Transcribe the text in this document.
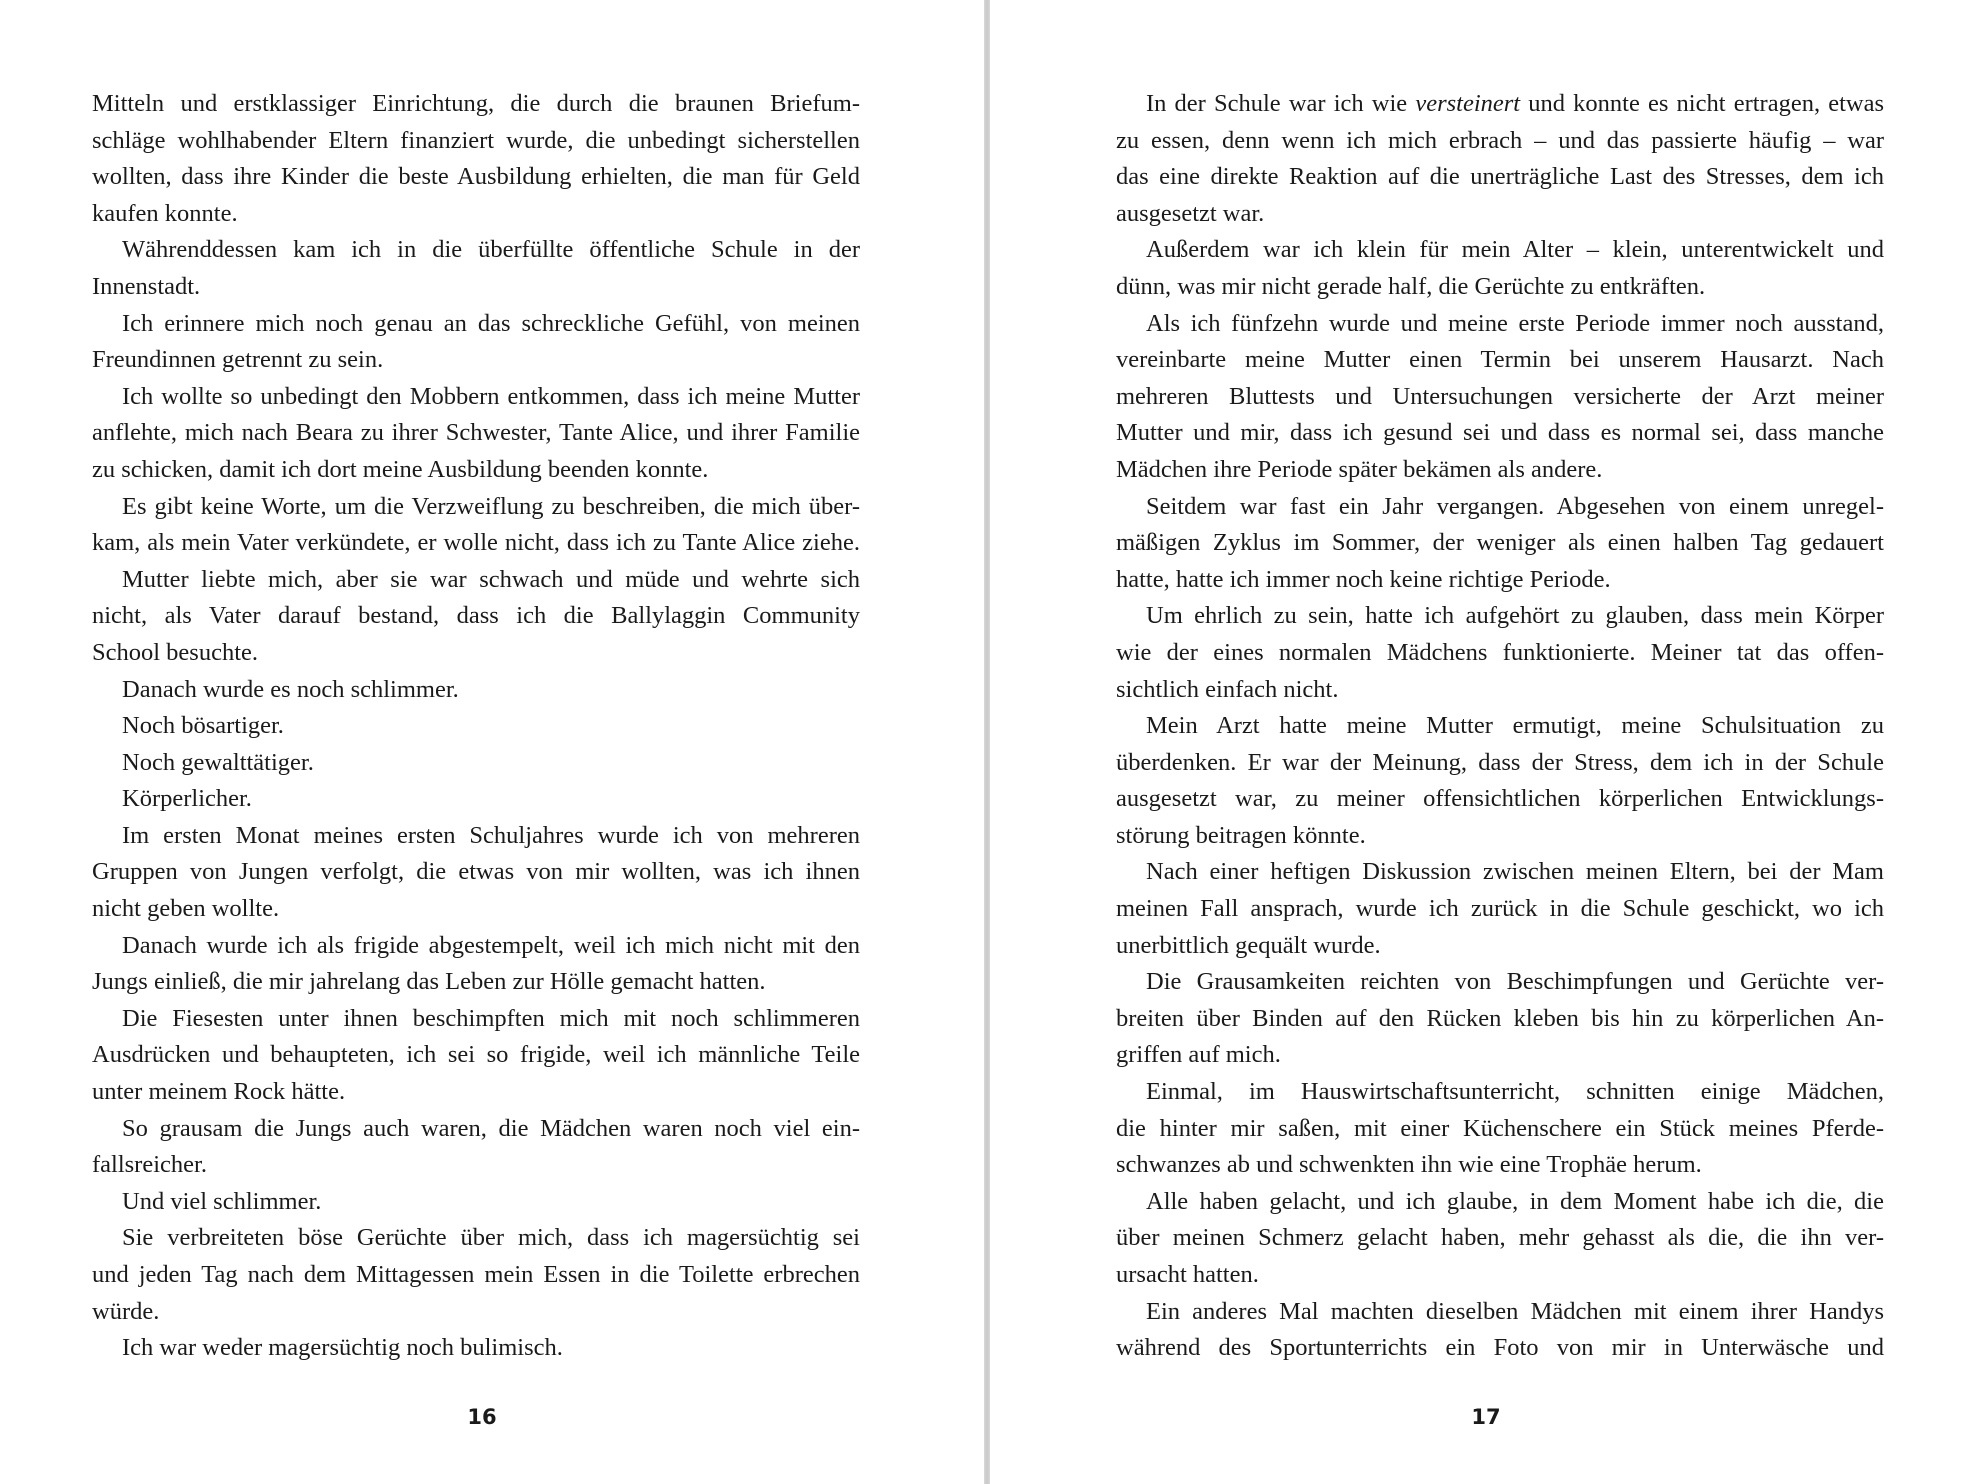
Mitteln und erstklassiger Einrichtung, die durch die braunen Briefum-
schläge wohlhabender Eltern finanziert wurde, die unbedingt sicherstellen
wollten, dass ihre Kinder die beste Ausbildung erhielten, die man für Geld
kaufen konnte.
Währenddessen kam ich in die überfüllte öffentliche Schule in der
Innenstadt.
Ich erinnere mich noch genau an das schreckliche Gefühl, von meinen
Freundinnen getrennt zu sein.
Ich wollte so unbedingt den Mobbern entkommen, dass ich meine Mutter
anflehte, mich nach Beara zu ihrer Schwester, Tante Alice, und ihrer Familie
zu schicken, damit ich dort meine Ausbildung beenden konnte.
Es gibt keine Worte, um die Verzweiflung zu beschreiben, die mich über-
kam, als mein Vater verkündete, er wolle nicht, dass ich zu Tante Alice ziehe.
Mutter liebte mich, aber sie war schwach und müde und wehrte sich
nicht, als Vater darauf bestand, dass ich die Ballylaggin Community
School besuchte.
Danach wurde es noch schlimmer.
Noch bösartiger.
Noch gewalttätiger.
Körperlicher.
Im ersten Monat meines ersten Schuljahres wurde ich von mehreren
Gruppen von Jungen verfolgt, die etwas von mir wollten, was ich ihnen
nicht geben wollte.
Danach wurde ich als frigide abgestempelt, weil ich mich nicht mit den
Jungs einließ, die mir jahrelang das Leben zur Hölle gemacht hatten.
Die Fiesesten unter ihnen beschimpften mich mit noch schlimmeren
Ausdrücken und behaupteten, ich sei so frigide, weil ich männliche Teile
unter meinem Rock hätte.
So grausam die Jungs auch waren, die Mädchen waren noch viel ein-
fallsreicher.
Und viel schlimmer.
Sie verbreiteten böse Gerüchte über mich, dass ich magersüchtig sei
und jeden Tag nach dem Mittagessen mein Essen in die Toilette erbrechen
würde.
Ich war weder magersüchtig noch bulimisch.
16
In der Schule war ich wie versteinert und konnte es nicht ertragen, etwas
zu essen, denn wenn ich mich erbrach – und das passierte häufig – war
das eine direkte Reaktion auf die unerträgliche Last des Stresses, dem ich
ausgesetzt war.
Außerdem war ich klein für mein Alter – klein, unterentwickelt und
dünn, was mir nicht gerade half, die Gerüchte zu entkräften.
Als ich fünfzehn wurde und meine erste Periode immer noch ausstand,
vereinbarte meine Mutter einen Termin bei unserem Hausarzt. Nach
mehreren Bluttests und Untersuchungen versicherte der Arzt meiner
Mutter und mir, dass ich gesund sei und dass es normal sei, dass manche
Mädchen ihre Periode später bekämen als andere.
Seitdem war fast ein Jahr vergangen. Abgesehen von einem unregel-
mäßigen Zyklus im Sommer, der weniger als einen halben Tag gedauert
hatte, hatte ich immer noch keine richtige Periode.
Um ehrlich zu sein, hatte ich aufgehört zu glauben, dass mein Körper
wie der eines normalen Mädchens funktionierte. Meiner tat das offen-
sichtlich einfach nicht.
Mein Arzt hatte meine Mutter ermutigt, meine Schulsituation zu
überdenken. Er war der Meinung, dass der Stress, dem ich in der Schule
ausgesetzt war, zu meiner offensichtlichen körperlichen Entwicklungs-
störung beitragen könnte.
Nach einer heftigen Diskussion zwischen meinen Eltern, bei der Mam
meinen Fall ansprach, wurde ich zurück in die Schule geschickt, wo ich
unerbittlich gequält wurde.
Die Grausamkeiten reichten von Beschimpfungen und Gerüchte ver-
breiten über Binden auf den Rücken kleben bis hin zu körperlichen An-
griffen auf mich.
Einmal, im Hauswirtschaftsunterricht, schnitten einige Mädchen,
die hinter mir saßen, mit einer Küchenschere ein Stück meines Pferde-
schwanzes ab und schwenkten ihn wie eine Trophäe herum.
Alle haben gelacht, und ich glaube, in dem Moment habe ich die, die
über meinen Schmerz gelacht haben, mehr gehasst als die, die ihn ver-
ursacht hatten.
Ein anderes Mal machten dieselben Mädchen mit einem ihrer Handys
während des Sportunterrichts ein Foto von mir in Unterwäsche und
17
